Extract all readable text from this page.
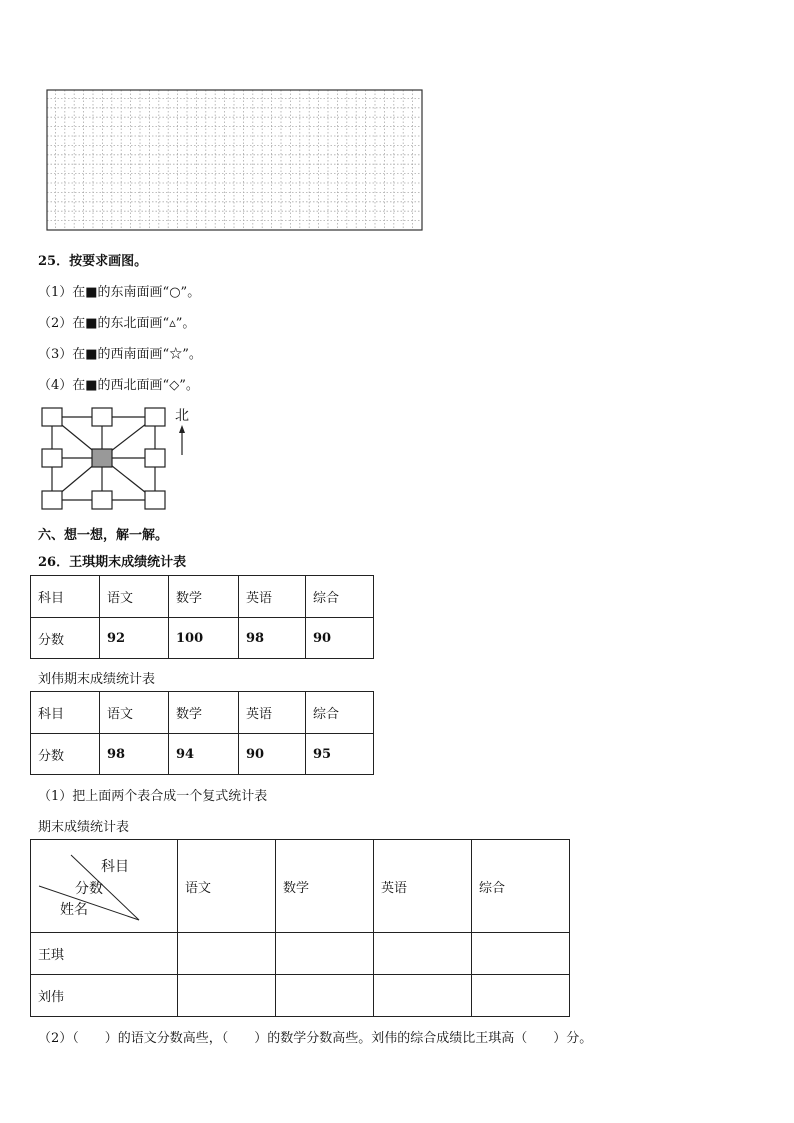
25．按要求画图。
（1）在■的东南面画“○”。
（2）在■的东北面画“▵”。
（3）在■的西南面画“☆”。
（4）在■的西北面画“◇”。
北
六、想一想，解一解。
26．王琪期末成绩统计表
科目	语文	数学	英语	综合
分数	92	100	98	90
刘伟期末成绩统计表
科目	语文	数学	英语	综合
分数	98	94	90	95
（1）把上面两个表合成一个复式统计表
期末成绩统计表
科目
分数
姓名	语文	数学	英语	综合
王琪				
刘伟				
（2）（　　）的语文分数高些，（　　）的数学分数高些。刘伟的综合成绩比王琪高（　　）分。
